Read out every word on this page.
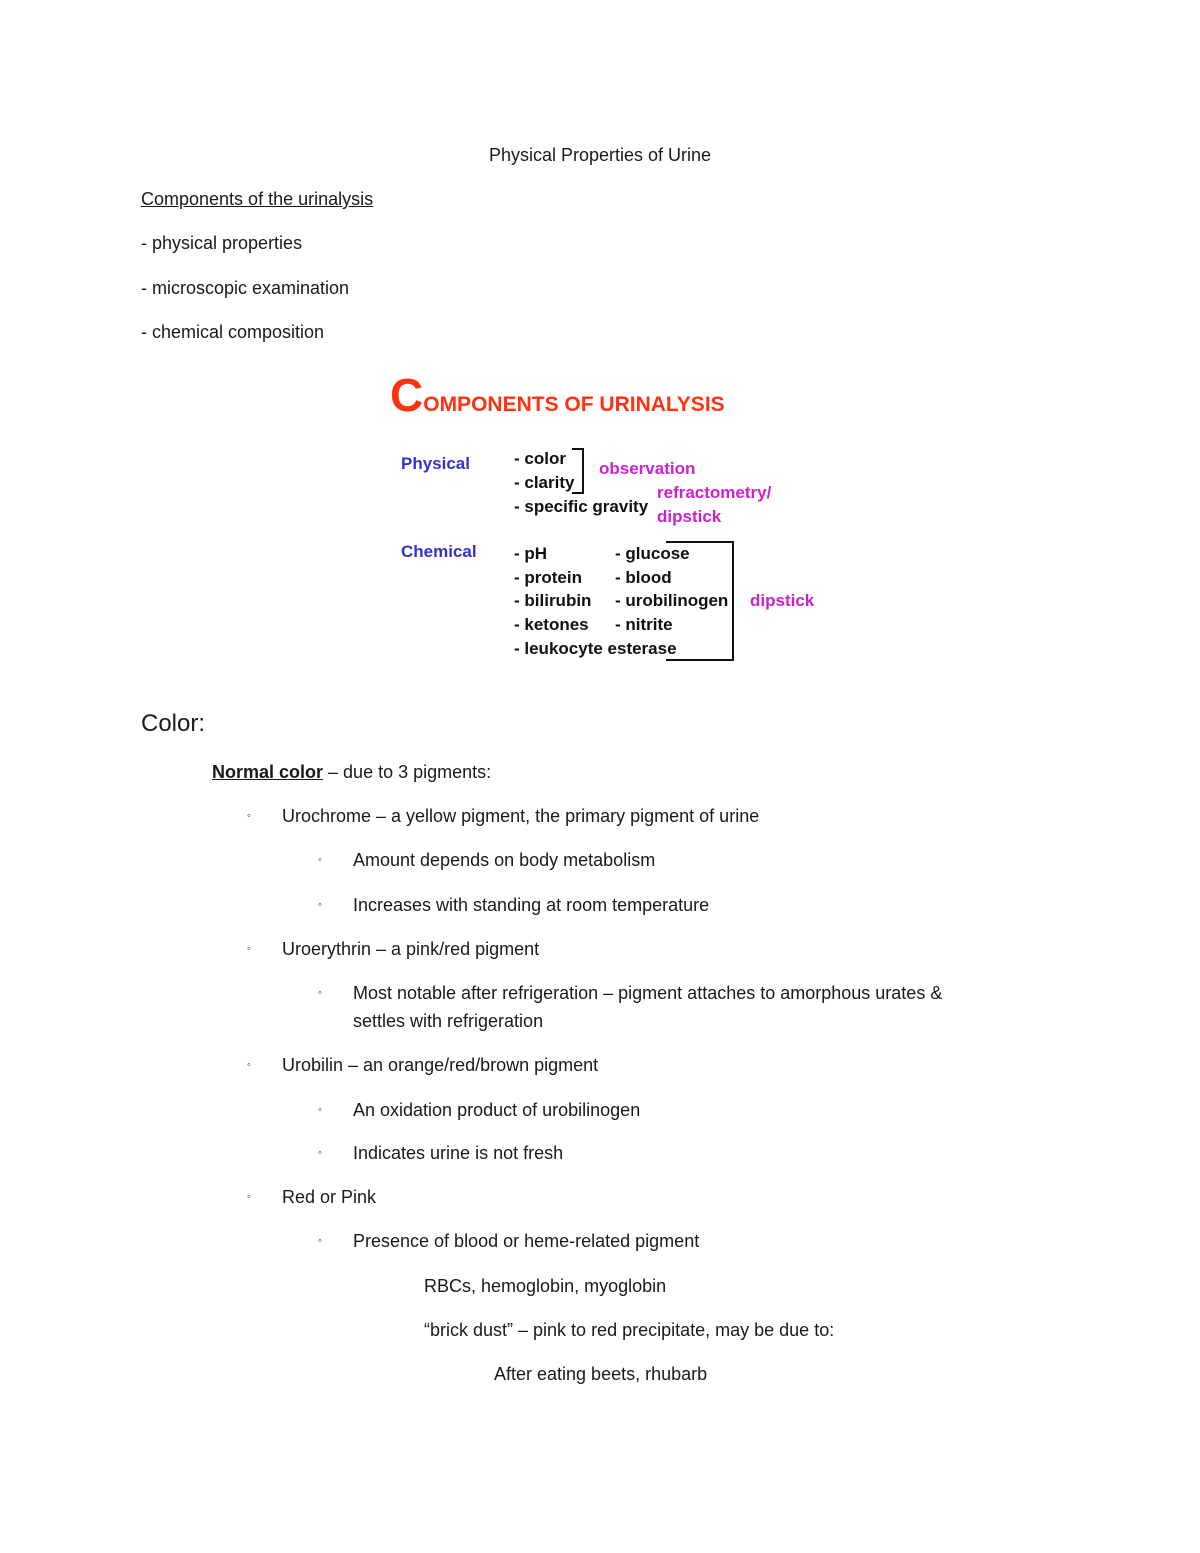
Physical Properties of Urine
Components of the urinalysis
- physical properties
- microscopic examination
- chemical composition
COMPONENTS OF URINALYSIS
Physical	- color
- clarity
- specific gravity
observation
refractometry/
dipstick
Chemical - pH
- protein
- bilirubin
- ketones
- leukocyte esterase
- glucose
- blood
- urobilinogen
- nitrite
dipstick
Color:
Normal color – due to 3 pigments:
◦ Urochrome – a yellow pigment, the primary pigment of urine
◦ Amount depends on body metabolism
◦ Increases with standing at room temperature
◦ Uroerythrin – a pink/red pigment
◦ Most notable after refrigeration – pigment attaches to amorphous urates &
settles with refrigeration
◦ Urobilin – an orange/red/brown pigment
◦ An oxidation product of urobilinogen
◦ Indicates urine is not fresh
◦ Red or Pink
◦ Presence of blood or heme-related pigment
RBCs, hemoglobin, myoglobin
“brick dust” – pink to red precipitate, may be due to:
After eating beets, rhubarb
